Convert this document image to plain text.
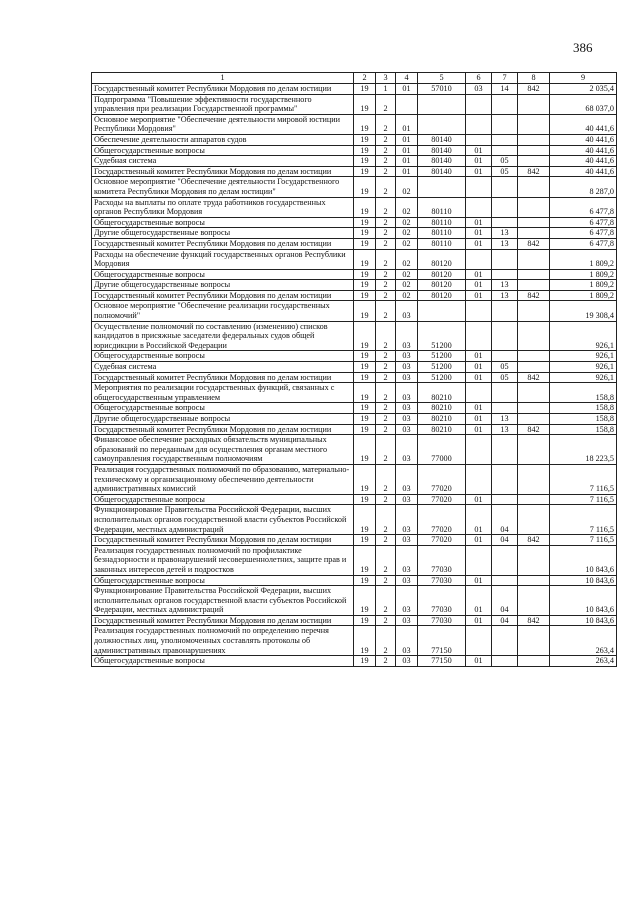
386
1	2	3	4	5	6	7	8	9
Государственный комитет Республики Мордовия по делам юстиции	19	1	01	57010	03	14	842	2 035,4
Подпрограмма "Повышение эффективности государственного управления при реализации Государственной программы"	19	2						68 037,0
Основное мероприятие "Обеспечение деятельности мировой юстиции Республики Мордовия"	19	2	01					40 441,6
Обеспечение деятельности аппаратов судов	19	2	01	80140				40 441,6
Общегосударственные вопросы	19	2	01	80140	01			40 441,6
Судебная система	19	2	01	80140	01	05		40 441,6
Государственный комитет Республики Мордовия по делам юстиции	19	2	01	80140	01	05	842	40 441,6
Основное мероприятие "Обеспечение деятельности Государственного комитета Республики Мордовия по делам юстиции"	19	2	02					8 287,0
Расходы на выплаты по оплате труда работников государственных органов Республики Мордовия	19	2	02	80110				6 477,8
Общегосударственные вопросы	19	2	02	80110	01			6 477,8
Другие общегосударственные вопросы	19	2	02	80110	01	13		6 477,8
Государственный комитет Республики Мордовия по делам юстиции	19	2	02	80110	01	13	842	6 477,8
Расходы на обеспечение функций государственных органов Республики Мордовия	19	2	02	80120				1 809,2
Общегосударственные вопросы	19	2	02	80120	01			1 809,2
Другие общегосударственные вопросы	19	2	02	80120	01	13		1 809,2
Государственный комитет Республики Мордовия по делам юстиции	19	2	02	80120	01	13	842	1 809,2
Основное мероприятие "Обеспечение реализации государственных полномочий"	19	2	03					19 308,4
Осуществление полномочий по составлению (изменению) списков кандидатов в присяжные заседатели федеральных судов общей юрисдикции в Российской Федерации	19	2	03	51200				926,1
Общегосударственные вопросы	19	2	03	51200	01			926,1
Судебная система	19	2	03	51200	01	05		926,1
Государственный комитет Республики Мордовия по делам юстиции	19	2	03	51200	01	05	842	926,1
Мероприятия по реализации государственных функций, связанных с общегосударственным управлением	19	2	03	80210				158,8
Общегосударственные вопросы	19	2	03	80210	01			158,8
Другие общегосударственные вопросы	19	2	03	80210	01	13		158,8
Государственный комитет Республики Мордовия по делам юстиции	19	2	03	80210	01	13	842	158,8
Финансовое обеспечение расходных обязательств муниципальных образований по переданным для осуществления органам местного самоуправления государственным полномочиям	19	2	03	77000				18 223,5
Реализация государственных полномочий по образованию, материально-техническому и организационному обеспечению деятельности административных комиссий	19	2	03	77020				7 116,5
Общегосударственные вопросы	19	2	03	77020	01			7 116,5
Функционирование Правительства Российской Федерации, высших исполнительных органов государственной власти субъектов Российской Федерации, местных администраций	19	2	03	77020	01	04		7 116,5
Государственный комитет Республики Мордовия по делам юстиции	19	2	03	77020	01	04	842	7 116,5
Реализация государственных полномочий по профилактике безнадзорности и правонарушений несовершеннолетних, защите прав и законных интересов детей и подростков	19	2	03	77030				10 843,6
Общегосударственные вопросы	19	2	03	77030	01			10 843,6
Функционирование Правительства Российской Федерации, высших исполнительных органов государственной власти субъектов Российской Федерации, местных администраций	19	2	03	77030	01	04		10 843,6
Государственный комитет Республики Мордовия по делам юстиции	19	2	03	77030	01	04	842	10 843,6
Реализация государственных полномочий по определению перечня должностных лиц, уполномоченных составлять протоколы об административных правонарушениях	19	2	03	77150				263,4
Общегосударственные вопросы	19	2	03	77150	01			263,4
